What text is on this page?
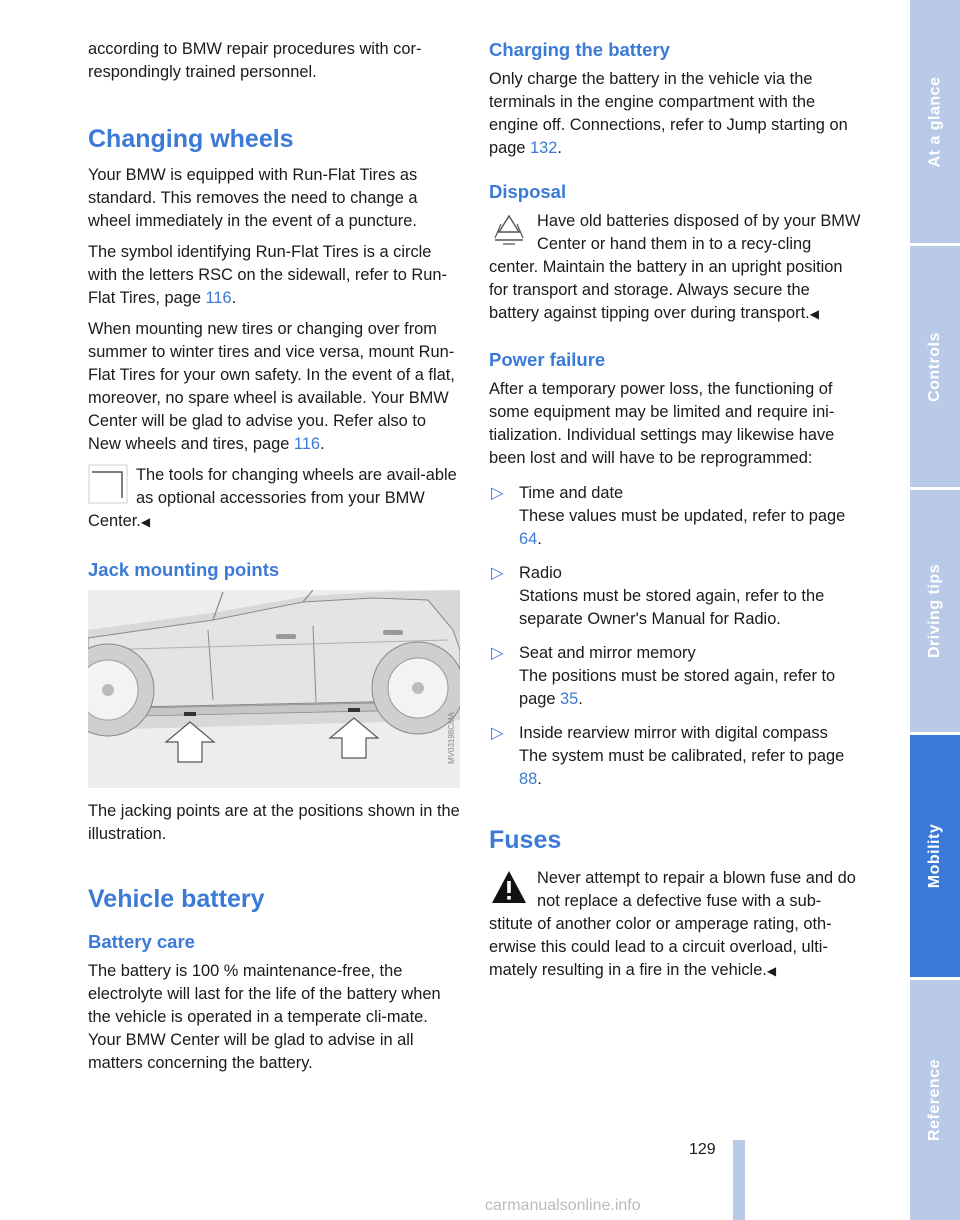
according to BMW repair procedures with cor-respondingly trained personnel.

Changing wheels

Your BMW is equipped with Run-Flat Tires as standard. This removes the need to change a wheel immediately in the event of a puncture.

The symbol identifying Run-Flat Tires is a circle with the letters RSC on the sidewall, refer to Run-Flat Tires, page 116.

When mounting new tires or changing over from summer to winter tires and vice versa, mount Run-Flat Tires for your own safety. In the event of a flat, moreover, no spare wheel is available. Your BMW Center will be glad to advise you. Refer also to New wheels and tires, page 116.

The tools for changing wheels are avail-able as optional accessories from your BMW Center.◀
Jack mounting points
MV03198CMA

The jacking points are at the positions shown in the illustration.

Vehicle battery
Battery care

The battery is 100 % maintenance-free, the electrolyte will last for the life of the battery when the vehicle is operated in a temperate cli-mate. Your BMW Center will be glad to advise in all matters concerning the battery.

Charging the battery

Only charge the battery in the vehicle via the terminals in the engine compartment with the engine off. Connections, refer to Jump starting on page 132.

Disposal
Have old batteries disposed of by your BMW Center or hand them in to a recy-cling center. Maintain the battery in an upright position for transport and storage. Always secure the battery against tipping over during transport.◀
Power failure

After a temporary power loss, the functioning of some equipment may be limited and require ini-tialization. Individual settings may likewise have been lost and will have to be reprogrammed:

▷ Time and date
These values must be updated, refer to page 64.
▷ Radio
Stations must be stored again, refer to the separate Owner's Manual for Radio.
▷ Seat and mirror memory
The positions must be stored again, refer to page 35.
▷ Inside rearview mirror with digital compass
The system must be calibrated, refer to page 88.
Fuses
Never attempt to repair a blown fuse and do not replace a defective fuse with a sub-stitute of another color or amperage rating, oth-erwise this could lead to a circuit overload, ulti-mately resulting in a fire in the vehicle.◀
At a glance
Controls
Driving tips
Mobility
Reference
129
carmanualsonline.info
